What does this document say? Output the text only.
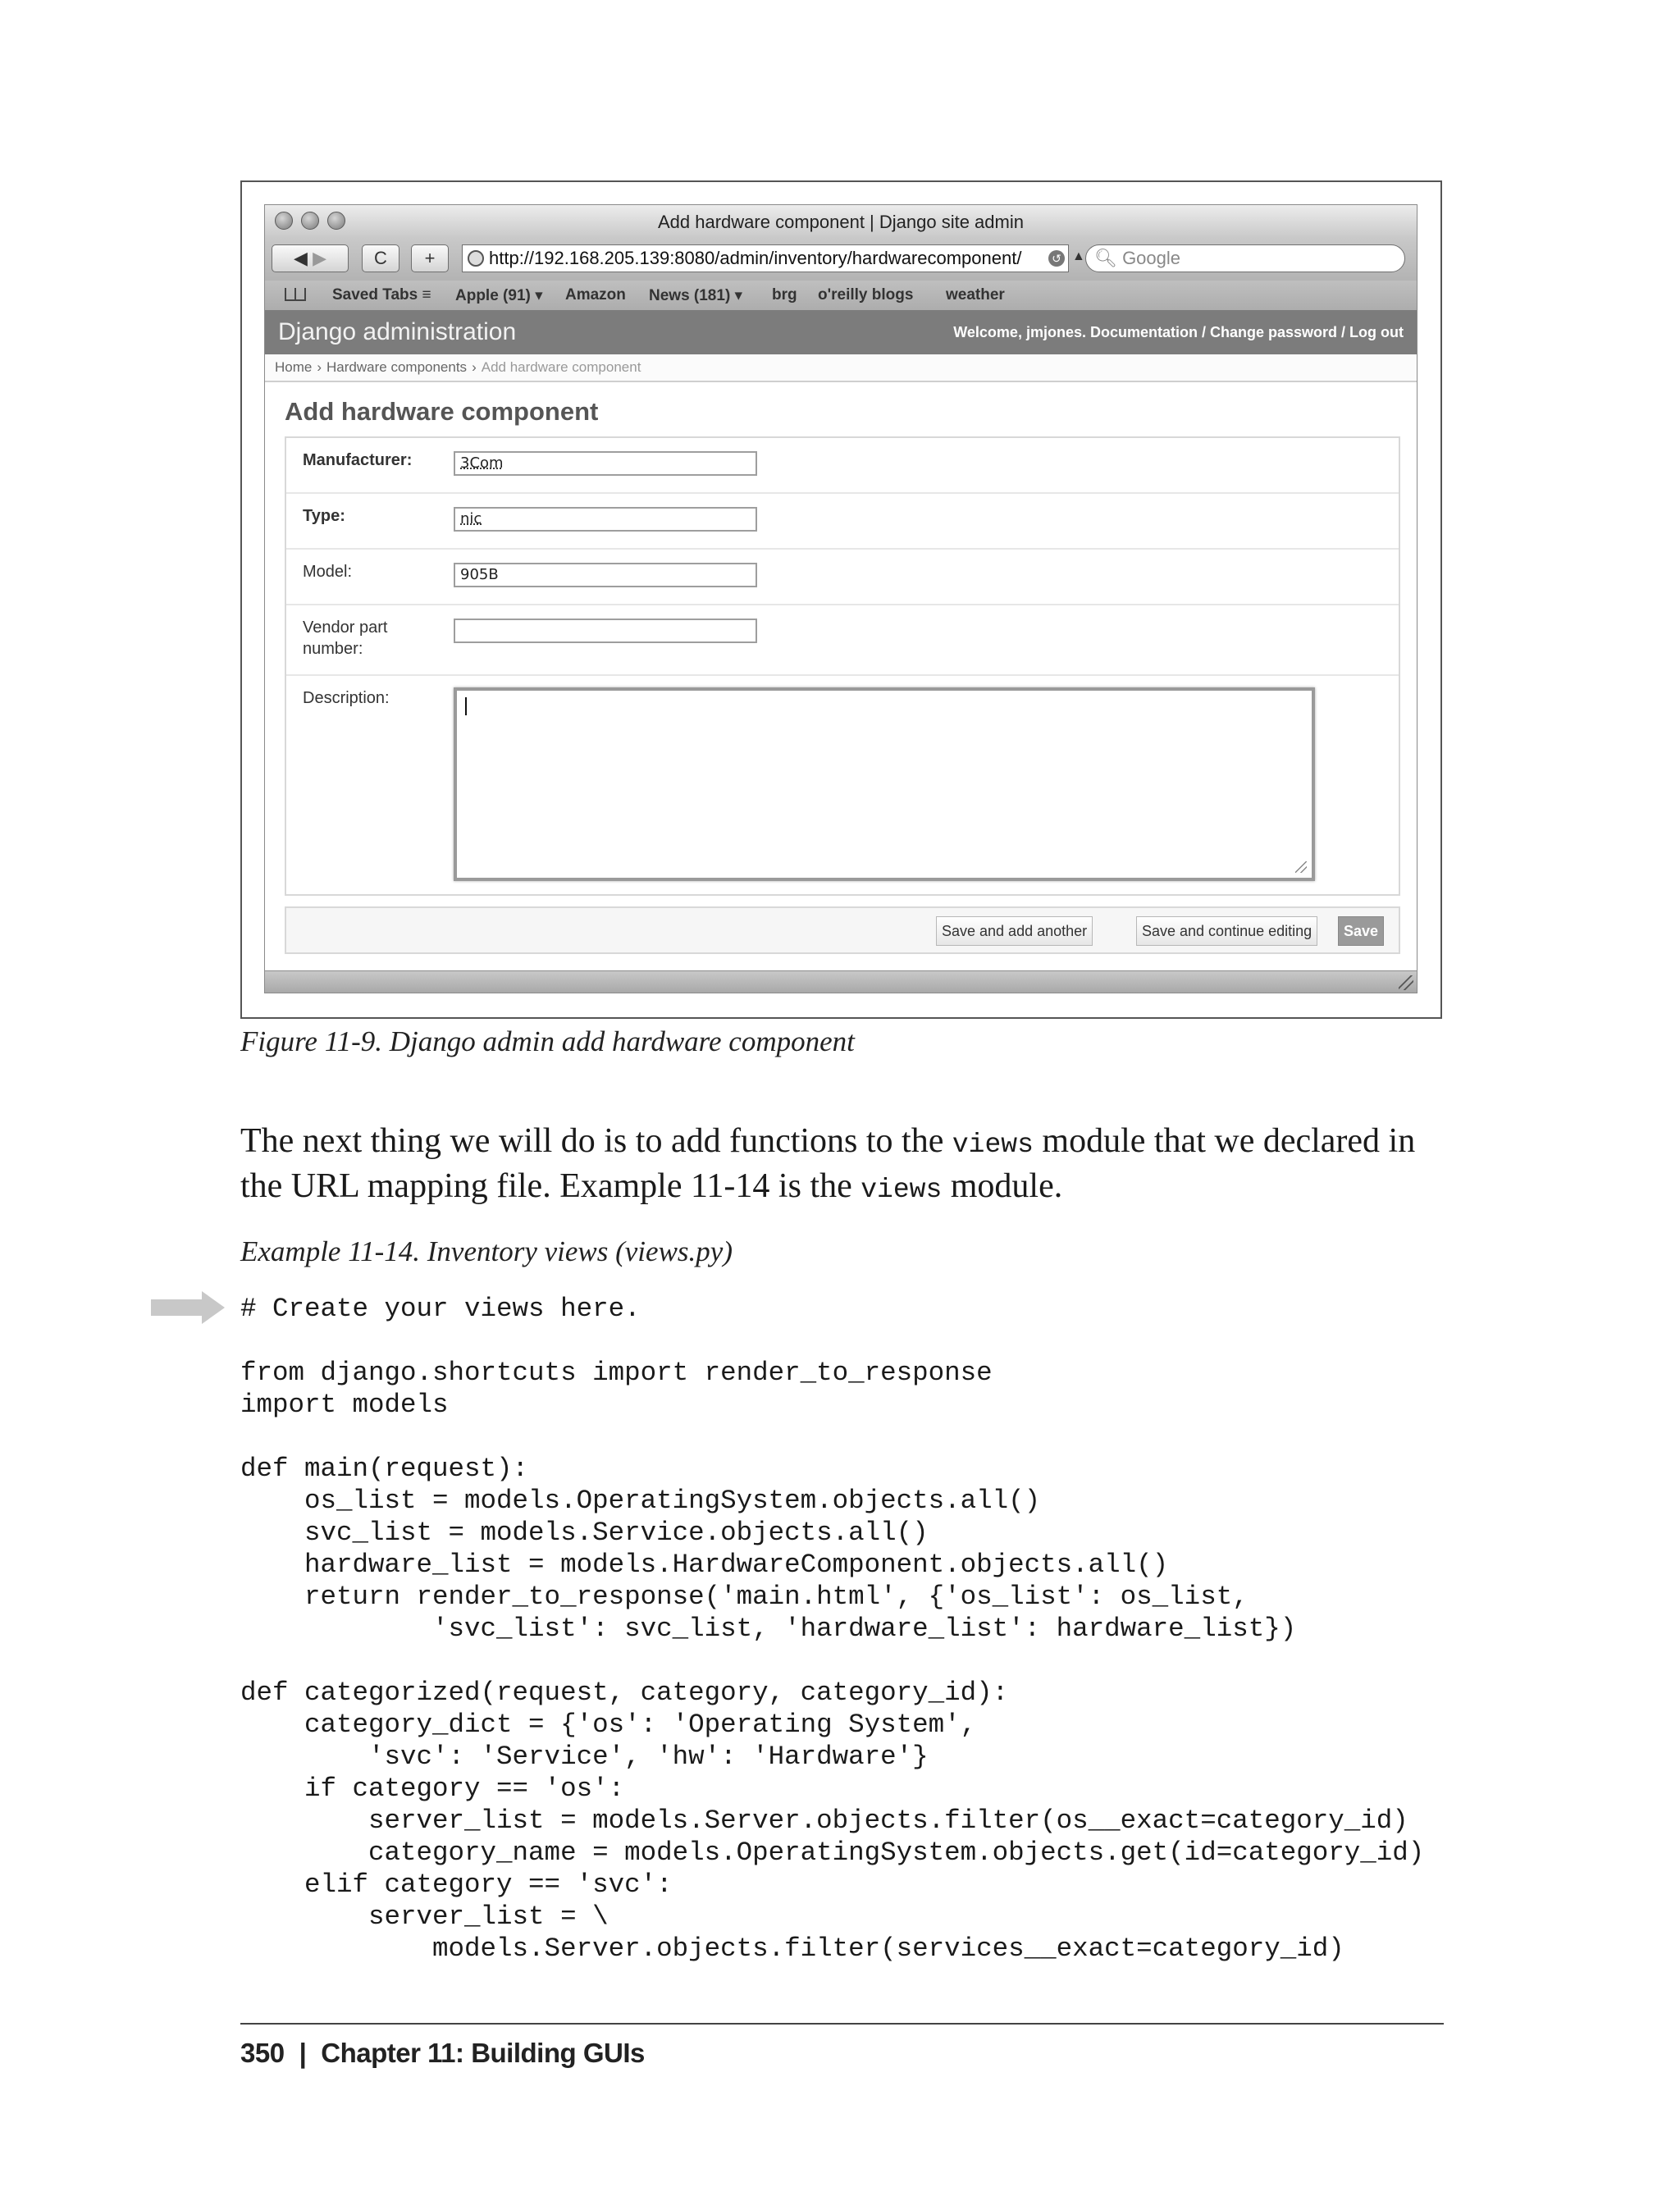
Add hardware component | Django site admin
◀ ▶	C	+	http://192.168.205.139:8080/admin/inventory/hardwarecomponent/	↺ ▲ 🔍︎ Google
Saved Tabs ≡ Apple (91) ▾ Amazon News (181) ▾ brg o'reilly blogs weather
Django administration	Welcome, jmjones. Documentation / Change password / Log out
Home › Hardware components › Add hardware component
Add hardware component
Manufacturer:	3Com
Type:	nic
Model:	905B
Vendor part number:
Description:
Save and add another	Save and continue editing	Save
Figure 11-9. Django admin add hardware component
The next thing we will do is to add functions to the views module that we declared in the URL mapping file. Example 11-14 is the views module.
Example 11-14. Inventory views (views.py)
# Create your views here.
from django.shortcuts import render_to_response
import models
def main(request):
os_list = models.OperatingSystem.objects.all()
svc_list = models.Service.objects.all()
hardware_list = models.HardwareComponent.objects.all()
return render_to_response('main.html', {'os_list': os_list,
'svc_list': svc_list, 'hardware_list': hardware_list})
def categorized(request, category, category_id):
category_dict = {'os': 'Operating System',
'svc': 'Service', 'hw': 'Hardware'}
if category == 'os':
server_list = models.Server.objects.filter(os__exact=category_id)
category_name = models.OperatingSystem.objects.get(id=category_id)
elif category == 'svc':
server_list = \
models.Server.objects.filter(services__exact=category_id)
350 | Chapter 11: Building GUIs
